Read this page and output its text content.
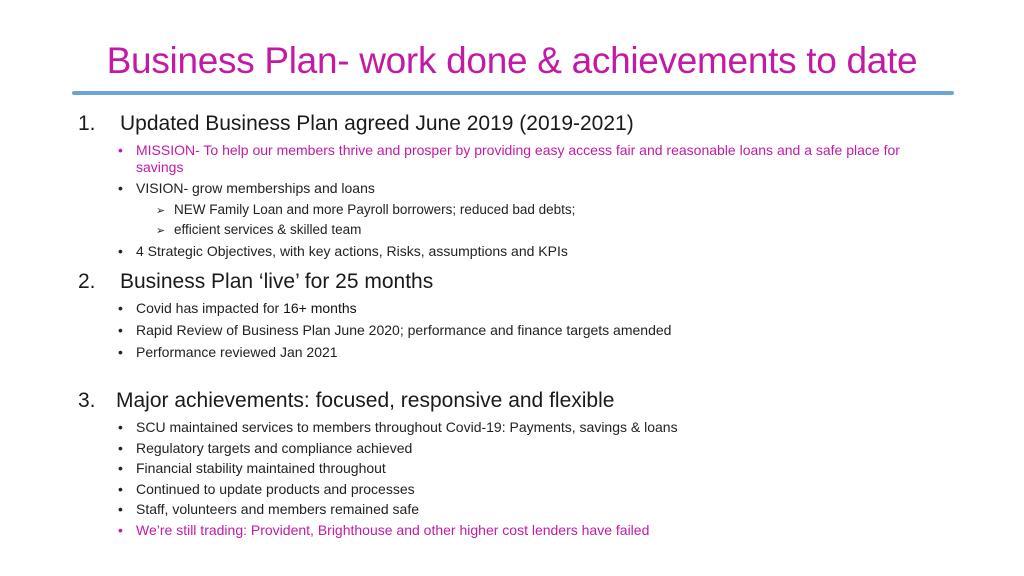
Business Plan- work done & achievements to date
1. Updated Business Plan agreed June 2019 (2019-2021)
• MISSION- To help our members thrive and prosper by providing easy access fair and reasonable loans and a safe place for
savings
• VISION- grow memberships and loans
➢ NEW Family Loan and more Payroll borrowers; reduced bad debts;
➢ efficient services & skilled team
• 4 Strategic Objectives, with key actions, Risks, assumptions and KPIs
2. Business Plan ‘live’ for 25 months
• Covid has impacted for 16+ months
• Rapid Review of Business Plan June 2020; performance and finance targets amended
• Performance reviewed Jan 2021
3. Major achievements: focused, responsive and flexible
• SCU maintained services to members throughout Covid-19: Payments, savings & loans
• Regulatory targets and compliance achieved
• Financial stability maintained throughout
• Continued to update products and processes
• Staff, volunteers and members remained safe
• We’re still trading: Provident, Brighthouse and other higher cost lenders have failed
